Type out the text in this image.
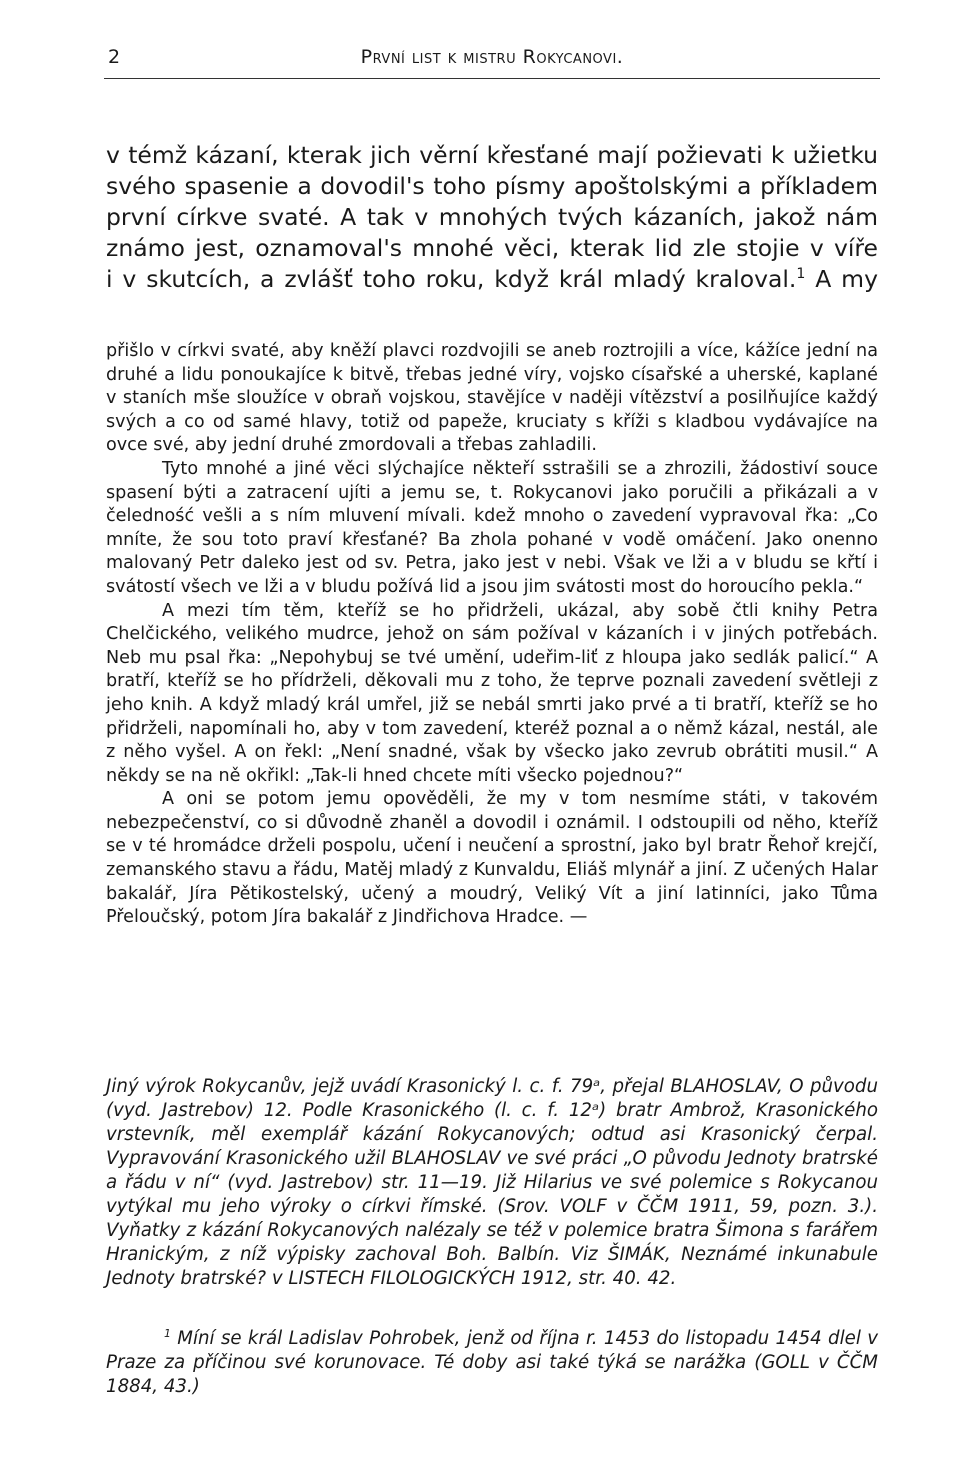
2	První list k mistru Rokycanovi.

v témž kázaní, kterak jich věrní křesťané mají požievati k užietku

svého spasenie a dovodil's toho písmy apoštolskými a příkladem

první církve svaté. A tak v mnohých tvých kázaních, jakož nám

známo jest, oznamoval's mnohé věci, kterak lid zle stojie v víře

i v skutcích, a zvlášť toho roku, když král mladý kraloval.$^1$ A my

přišlo v církvi svaté, aby kněží plavci rozdvojili se aneb roztrojili a více, kážíce jední na druhé a lidu ponoukajíce k bitvě, třebas jedné víry, vojsko císařské a uherské, kaplané v staních mše sloužíce v obraň vojskou, stavějíce v naději vítězství a posilňujíce každý svých a co od samé hlavy, totiž od papeže, kruciaty s kříži s kladbou vydávajíce na ovce své, aby jední druhé zmordovali a třebas zahladili.

Tyto mnohé a jiné věci slýchajíce někteří sstrašili se a zhrozili, žádostiví souce spasení býti a zatracení ujíti a jemu se, t. Rokycanovi jako poručili a přikázali a v čeledność vešli a s ním mluvení mívali. kdež mnoho o zavedení vypravoval řka: „Co mníte, že sou toto praví křesťané? Ba zhola pohané v vodě omáčení. Jako onenno malovaný Petr daleko jest od sv. Petra, jako jest v nebi. Však ve lži a v bludu se křtí i svátostí všech ve lži a v bludu požívá lid a jsou jim svátosti most do horoucího pekla.“

A mezi tím těm, kteříž se ho přidrželi, ukázal, aby sobě čtli knihy Petra Chelčického, velikého mudrce, jehož on sám požíval v kázaních i v jiných potřebách. Neb mu psal řka: „Nepohybuj se tvé umění, udeřim-liť z hloupa jako sedlák palicí.“ A bratří, kteříž se ho přídrželi, děkovali mu z toho, že teprve poznali zavedení světleji z jeho knih. A když mladý král umřel, již se nebál smrti jako prvé a ti bratří, kteříž se ho přidrželi, napomínali ho, aby v tom zavedení, kteréž poznal a o němž kázal, nestál, ale z něho vyšel. A on řekl: „Není snadné, však by všecko jako zevrub obrátiti musil.“ A někdy se na ně okřikl: „Tak-li hned chcete míti všecko pojednou?“

A oni se potom jemu opověděli, že my v tom nesmíme státi, v takovém nebezpečenství, co si důvodně zhaněl a dovodil i oznámil. I odstoupili od něho, kteříž se v té hromádce drželi pospolu, učení i neučení a sprostní, jako byl bratr Řehoř krejčí, zemanského stavu a řádu, Matěj mladý z Kunvaldu, Eliáš mlynář a jiní. Z učených Halar bakalář, Jíra Pětikostelský, učený a moudrý, Veliký Vít a jiní latinníci, jako Tůma Přeloučský, potom Jíra bakalář z Jindřichova Hradce. —

Jiný výrok Rokycanův, jejž uvádí Krasonický l. c. f. 79ᵃ, přejal BLAHOSLAV, O původu (vyd. Jastrebov) 12. Podle Krasonického (l. c. f. 12ᵃ) bratr Ambrož, Krasonického vrstevník, měl exemplář kázání Rokycanových; odtud asi Krasonický čerpal. Vypravování Krasonického užil BLAHOSLAV ve své práci „O původu Jednoty bratrské a řádu v ní“ (vyd. Jastrebov) str. 11—19. Již Hilarius ve své polemice s Rokycanou vytýkal mu jeho výroky o církvi římské. (Srov. VOLF v ČČM 1911, 59, pozn. 3.). Vyňatky z kázání Rokycanových nalézaly se též v polemice bratra Šimona s farářem Hranickým, z níž výpisky zachoval Boh. Balbín. Viz ŠIMÁK, Neznámé inkunabule Jednoty bratrské? v LISTECH FILOLOGICKÝCH 1912, str. 40. 42.

$^1$ Míní se král Ladislav Pohrobek, jenž od října r. 1453 do listopadu 1454 dlel v Praze za příčinou své korunovace. Té doby asi také týká se narážka (GOLL v ČČM 1884, 43.)
